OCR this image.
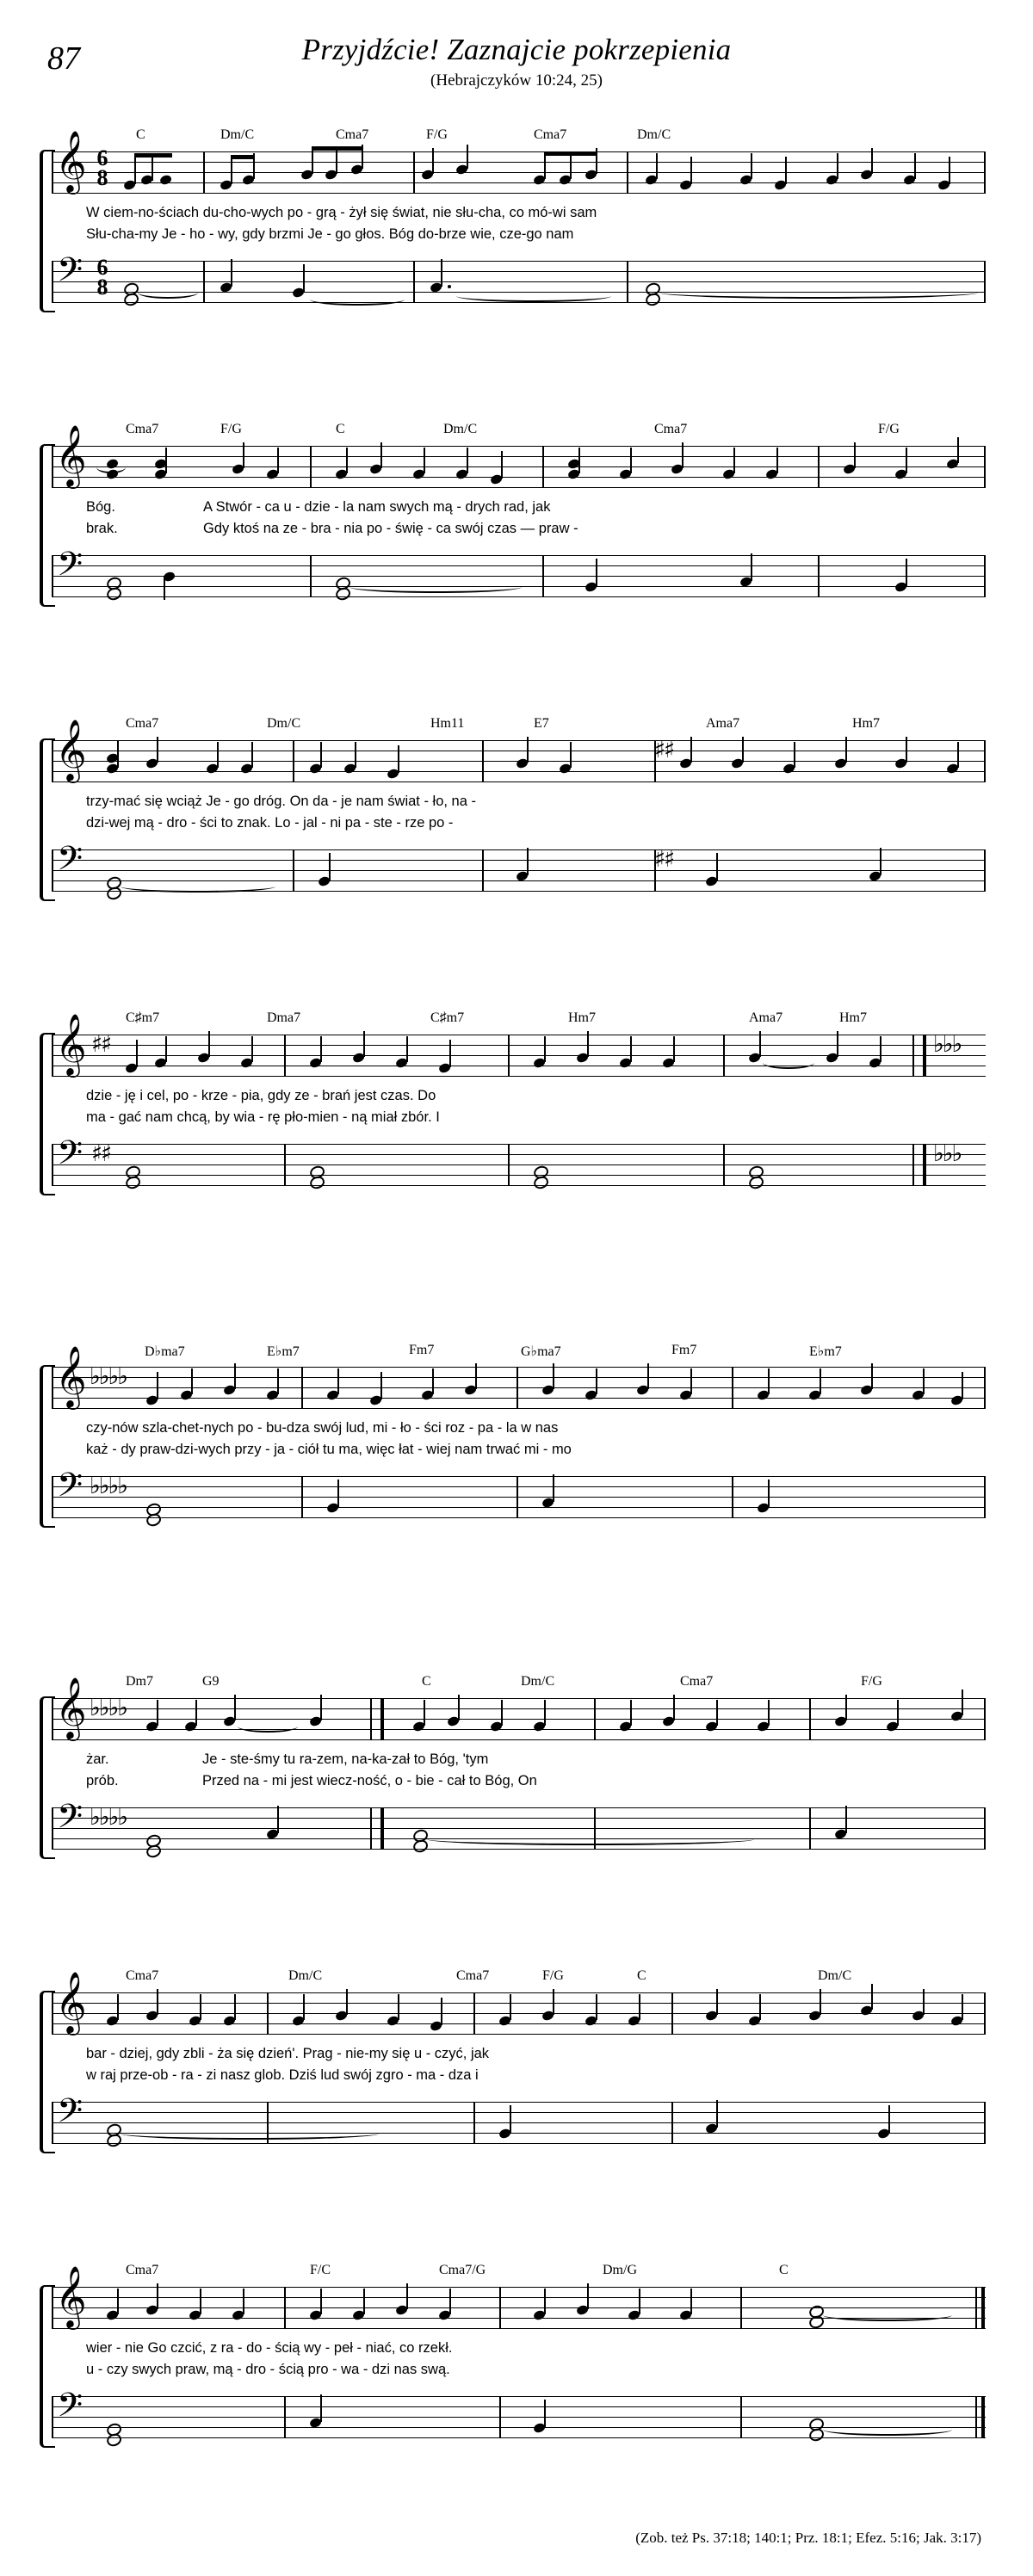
87	Przyjdźcie! Zaznajcie pokrzepienia
(Hebrajczyków 10:24, 25)
C	Dm/C	Cma7	F/G	Cma7	Dm/C
𝄞 6
8
W ciem-no-ściach du-cho-wych po - grą - żył się świat, nie słu-cha, co mó-wi sam
Słu-cha-my Je - ho - wy, gdy brzmi Je - go głos. Bóg do-brze wie, cze-go nam
𝄢 6
8
Cma7	F/G	C	Dm/C	Cma7	F/G
𝄞
Bóg.	A Stwór - ca u - dzie - la nam swych mą - drych rad, jak
brak.	Gdy ktoś na ze - bra - nia po - świę - ca swój czas — praw -
𝄢
Cma7	Dm/C	Hm11	E7	Ama7	Hm7
𝄞	♯♯
trzy-mać się wciąż Je - go dróg. On da - je nam świat - ło, na -
dzi-wej mą - dro - ści to znak. Lo - jal - ni pa - ste - rze po -
𝄢	♯♯
C♯m7	Dma7	C♯m7	Hm7	Ama7	Hm7
𝄞 ♯♯	♭♭♭
dzie - ję i cel, po - krze - pia, gdy ze - brań jest czas. Do
ma - gać nam chcą, by wia - rę pło-mien - ną miał zbór. I
𝄢 ♯♯	♭♭♭
D♭ma7	E♭m7	Fm7	G♭ma7	Fm7	E♭m7
𝄞 ♭♭♭♭
czy-nów szla-chet-nych po - bu-dza swój lud, mi - ło - ści roz - pa - la w nas
każ - dy praw-dzi-wych przy - ja - ciół tu ma, więc łat - wiej nam trwać mi - mo
𝄢 ♭♭♭♭
Dm7	G9	C	Dm/C	Cma7	F/G
𝄞 ♭♭♭♭
żar.	Je - ste-śmy tu ra-zem, na-ka-zał to Bóg, 'tym
prób.	Przed na - mi jest wiecz-ność, o - bie - cał to Bóg, On
𝄢 ♭♭♭♭
Cma7	Dm/C	Cma7	F/G	C	Dm/C
𝄞
bar - dziej, gdy zbli - ża się dzień'. Prag - nie-my się u - czyć, jak
w raj prze-ob - ra - zi nasz glob. Dziś lud swój zgro - ma - dza i
𝄢
Cma7	F/C	Cma7/G	Dm/G	C
𝄞
wier - nie Go czcić, z ra - do - ścią wy - peł - niać, co rzekł.
u - czy swych praw, mą - dro - ścią pro - wa - dzi nas swą.
𝄢
(Zob. też Ps. 37:18; 140:1; Prz. 18:1; Efez. 5:16; Jak. 3:17)
